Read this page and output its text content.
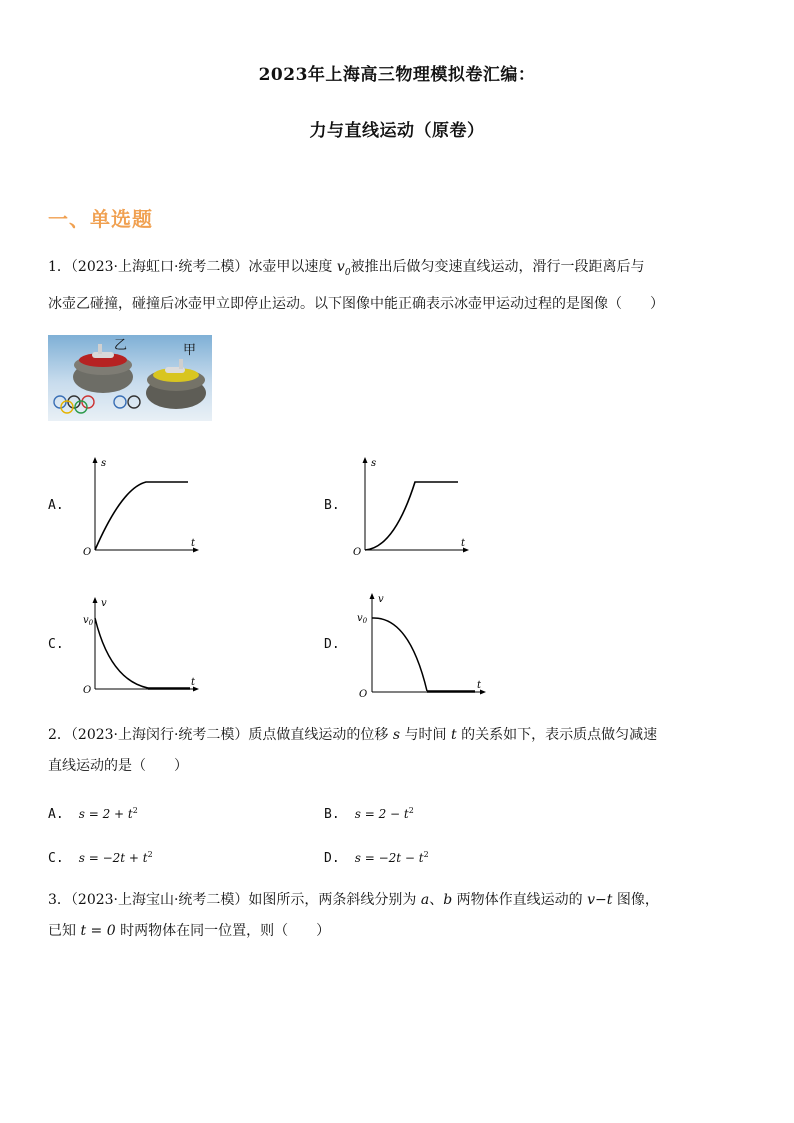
2023年上海高三物理模拟卷汇编：
力与直线运动（原卷）
一、单选题
1．（2023·上海虹口·统考二模）冰壶甲以速度 $v_0$被推出后做匀变速直线运动，滑行一段距离后与
冰壶乙碰撞，碰撞后冰壶甲立即停止运动。以下图像中能正确表示冰壶甲运动过程的是图像（　　）
乙	甲
A.
s
t
O
B.
s
t
O
C.
v
$v_0$
t
O
D.
v
$v_0$
t
O
2．（2023·上海闵行·统考二模）质点做直线运动的位移 s 与时间 t 的关系如下，表示质点做匀减速
直线运动的是（　　）
A. $s = 2 + t^2$	B. $s = 2 - t^2$
C. $s = -2t + t^2$	D. $s = -2t - t^2$
3．（2023·上海宝山·统考二模）如图所示，两条斜线分别为 a、b 两物体作直线运动的 v−t 图像，
已知 t = 0 时两物体在同一位置，则（　　）
